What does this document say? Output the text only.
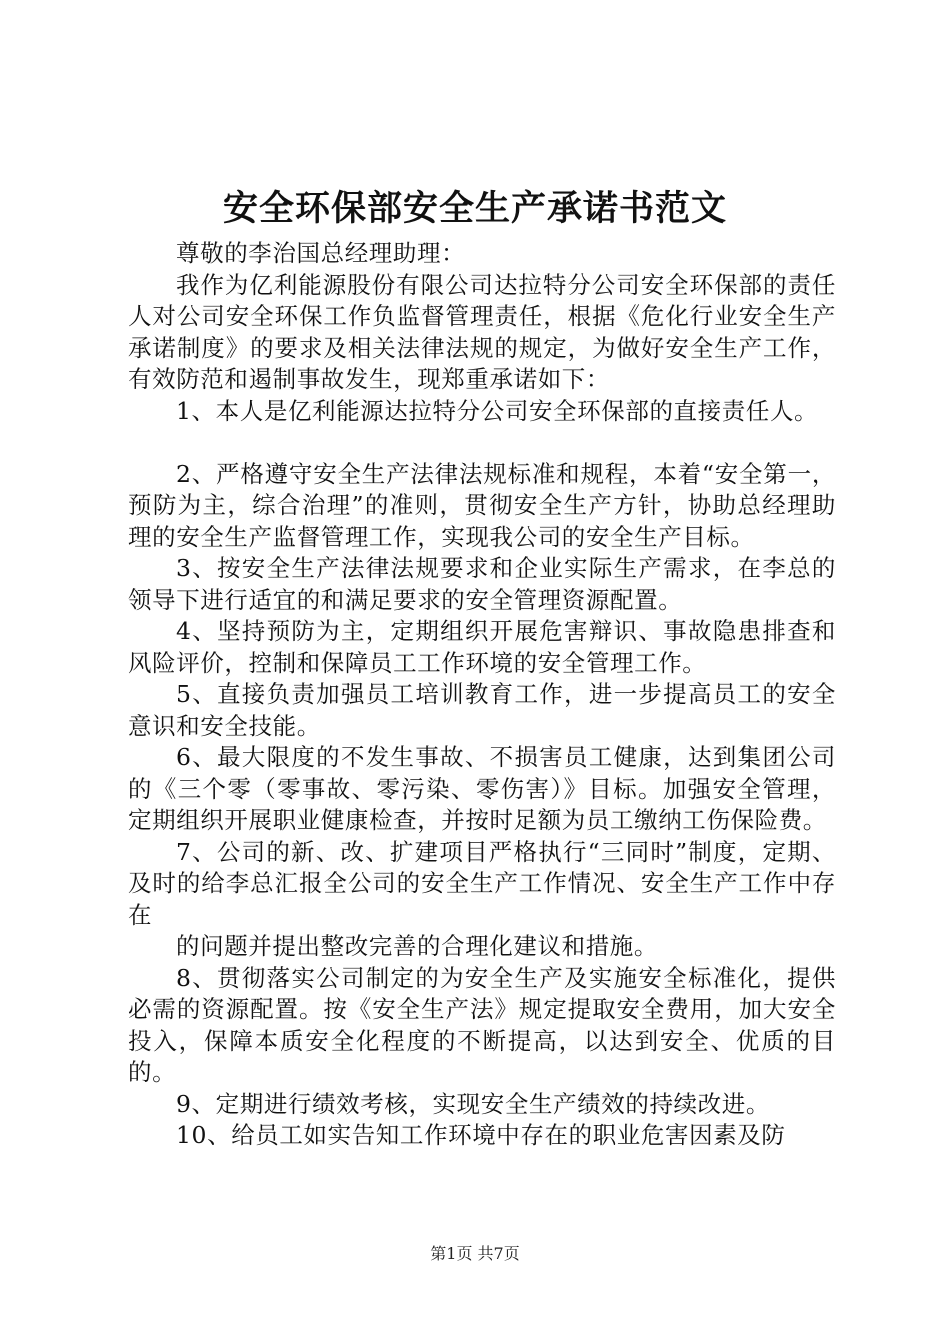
安全环保部安全生产承诺书范文

尊敬的李治国总经理助理：

我作为亿利能源股份有限公司达拉特分公司安全环保部的责任人对公司安全环保工作负监督管理责任，根据《危化行业安全生产承诺制度》的要求及相关法律法规的规定，为做好安全生产工作，有效防范和遏制事故发生，现郑重承诺如下：

1、本人是亿利能源达拉特分公司安全环保部的直接责任人。

2、严格遵守安全生产法律法规标准和规程，本着“安全第一，预防为主，综合治理”的准则，贯彻安全生产方针，协助总经理助理的安全生产监督管理工作，实现我公司的安全生产目标。

3、按安全生产法律法规要求和企业实际生产需求，在李总的领导下进行适宜的和满足要求的安全管理资源配置。

4、坚持预防为主，定期组织开展危害辩识、事故隐患排查和风险评价，控制和保障员工工作环境的安全管理工作。

5、直接负责加强员工培训教育工作，进一步提高员工的安全意识和安全技能。

6、最大限度的不发生事故、不损害员工健康，达到集团公司的《三个零（零事故、零污染、零伤害）》目标。加强安全管理，定期组织开展职业健康检查，并按时足额为员工缴纳工伤保险费。

7、公司的新、改、扩建项目严格执行“三同时”制度，定期、及时的给李总汇报全公司的安全生产工作情况、安全生产工作中存在

的问题并提出整改完善的合理化建议和措施。

8、贯彻落实公司制定的为安全生产及实施安全标准化，提供必需的资源配置。按《安全生产法》规定提取安全费用，加大安全投入，保障本质安全化程度的不断提高，以达到安全、优质的目的。

9、定期进行绩效考核，实现安全生产绩效的持续改进。

10、给员工如实告知工作环境中存在的职业危害因素及防

第1页 共7页
